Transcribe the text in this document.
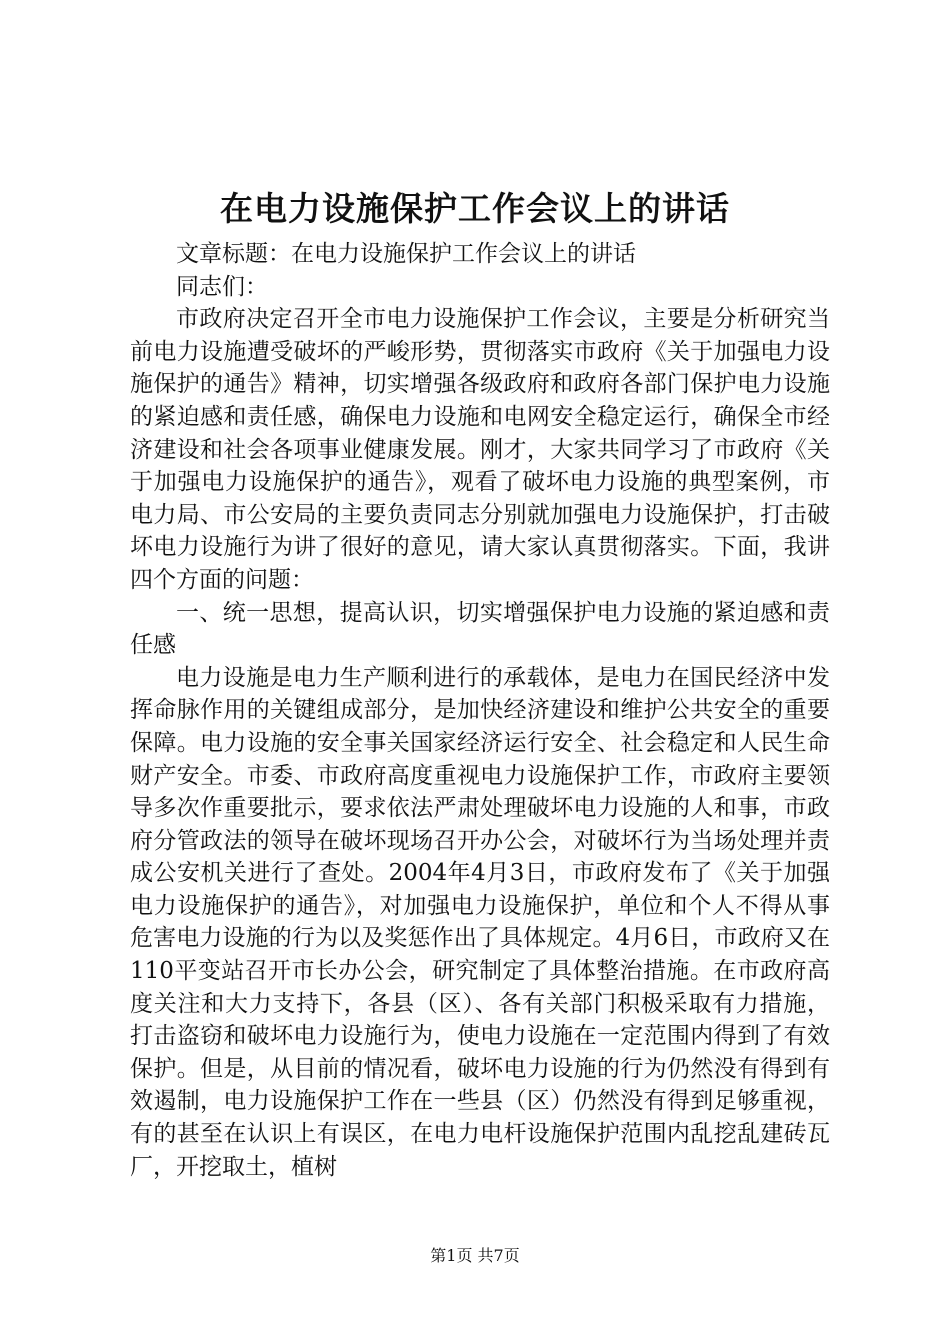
在电力设施保护工作会议上的讲话

文章标题：在电力设施保护工作会议上的讲话

同志们：

市政府决定召开全市电力设施保护工作会议，主要是分析研究当前电力设施遭受破坏的严峻形势，贯彻落实市政府《关于加强电力设施保护的通告》精神，切实增强各级政府和政府各部门保护电力设施的紧迫感和责任感，确保电力设施和电网安全稳定运行，确保全市经济建设和社会各项事业健康发展。刚才，大家共同学习了市政府《关于加强电力设施保护的通告》，观看了破坏电力设施的典型案例，市电力局、市公安局的主要负责同志分别就加强电力设施保护，打击破坏电力设施行为讲了很好的意见，请大家认真贯彻落实。下面，我讲四个方面的问题：

一、统一思想，提高认识，切实增强保护电力设施的紧迫感和责任感

电力设施是电力生产顺利进行的承载体，是电力在国民经济中发挥命脉作用的关键组成部分，是加快经济建设和维护公共安全的重要保障。电力设施的安全事关国家经济运行安全、社会稳定和人民生命财产安全。市委、市政府高度重视电力设施保护工作，市政府主要领导多次作重要批示，要求依法严肃处理破坏电力设施的人和事，市政府分管政法的领导在破坏现场召开办公会，对破坏行为当场处理并责成公安机关进行了查处。2004年4月3日，市政府发布了《关于加强电力设施保护的通告》，对加强电力设施保护，单位和个人不得从事危害电力设施的行为以及奖惩作出了具体规定。4月6日，市政府又在110平变站召开市长办公会，研究制定了具体整治措施。在市政府高度关注和大力支持下，各县（区）、各有关部门积极采取有力措施，打击盗窃和破坏电力设施行为，使电力设施在一定范围内得到了有效保护。但是，从目前的情况看，破坏电力设施的行为仍然没有得到有效遏制，电力设施保护工作在一些县（区）仍然没有得到足够重视，有的甚至在认识上有误区，在电力电杆设施保护范围内乱挖乱建砖瓦厂，开挖取土，植树

第1页 共7页
